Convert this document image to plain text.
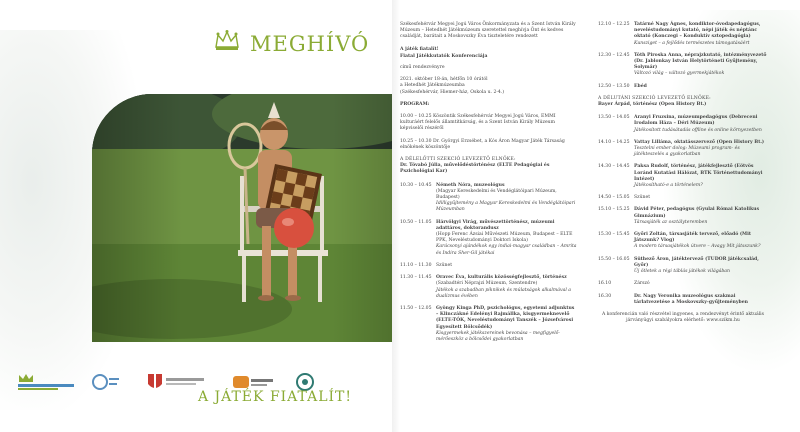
MEGHÍVÓ
A JÁTÉK FIATALÍT!

Székesfehérvár Megyei Jogú Város Önkormányzata és a Szent István Király Múzeum – Hetedhét Játékmúzeum szeretettel meghívja Önt és kedves családját, barátait a Moskovszky Éva tiszteletére rendezett

A játék fiatalít!

Fiatal Játékkutatók Konferenciája

című rendezvényre

2021. október 18-án, hétfőn 10 órától

a Hetedhét Játékmúzeumba

(Székesfehérvár, Hiemer-ház, Oskola u. 2-4.)

PROGRAM:

10.00 – 10.25 Köszöntik Székesfehérvár Megyei Jogú Város, EMMI kulturáért felelős államtitkárság, és a Szent István Király Múzeum képviselői részéről

10.25 – 10.30 Dr. Györgyi Erzsébet, a Kós Áron Magyar Játék Társaság elnökének köszöntője

A DÉLELŐTTI SZEKCIÓ LEVEZETŐ ELNÖKE:
Dr. Tóvabó Júlia, művelődéstörténész (ELTE Pedagógiai és Pszichológiai Kar)
10.30 – 10.45 Németh Nóra, muzeológus
(Magyar Kereskedelmi és Vendéglátóipari Múzeum, Budapest)
Idilligyűjtemény a Magyar Kereskedelmi és Vendéglátóipari Múzeumban
10.50 – 11.05 Hárvölgyi Virág, művészettörténész, múzeumi adattáros, doktorandusz
(Hopp Ferenc Ázsiai Művészeti Múzeum, Budapest – ELTE PPK, Neveléstudományi Doktori Iskola)
Karácsonyi ajándékok egy indiai-magyar családban – Amrita és Indira Sher-Gil játékai
11.10 – 11.30 Szünet
11.30 – 11.45 Oravec Éva, kulturális közösségfejlesztő, történész
(Szabadtéri Néprajzi Múzeum, Szentendre)
Játékok a szabadban piknikek és múlatságok alkalmával a dualizmus évében
11.50 – 12.05 Gyöngy Kinga PhD, pszichológus, egyetemi adjunktus – Klinczákné Edelényi Rajmállka, kisgyermeknevelő (ELTE-TÓK, Neveléstudományi Tanszék – Józsefvárosi Egyesített Bölcsődék)
Kisgyermekek játékszereinek bevonása – megfigyelő-mérőeszköz a bölcsődei gyakorlatban
12.10 – 12.25 Tatárné Nagy Ágnes, kondiktor-óvodapedagógus, neveléstudományi kutató, népi játék és néptánc oktató (Konczegi – Konduktív sztopedagógia)
Kunsziget – a fejlődés természetes támogatásáért
12.30 – 12.45 Tóth Piroska Anna, néprajzkutató, intézményvezető (Dr. Jablonkay István Helytörténeti Gyűjtemény, Solymár)
Változó világ – változó gyermekjátékok
12.50 – 13.50 Ebéd
A DÉLUTÁNI SZEKCIÓ LEVEZETŐ ELNÖKE:
Bayer Árpád, történész (Open History Bt.)
13.50 – 14.05 Aranyi Fruzsina, múzeumpedagógus (Debreceni Irodalom Háza – Déri Múzeum)
Játékosított tudásátadás offline és online környezetben
14.10 – 14.25 Vattay Lilláma, oktatásszervező (Open History Bt.)
Tesztelni ember dolog: Múzeumi program- és játékteszelés a gyakorlatban
14.30 – 14.45 Paksa Rudolf, történész, játékfejlesztő (Eötvös Loránd Kutatási Hálózat, BTK Történettudományi Intézet)
Játékosítható-e a történelem?
14.50 – 15.05 Szünet
15.10 – 15.25 Dávid Péter, pedagógus (Gyulai Római Katolikus Gimnázium)
Társasjáték az osztályteremben
15.30 – 15.45 Győri Zoltán, társasjáték tervező, előadó (Mit Játszunk? Vlog)
A modern társasjátékok útvere – Avagy Mit játsszunk?
15.50 – 16.05 Süthező Áron, játéktervező (TUDOR játékcsalád, Győr)
Új ötletek a régi táblás játékok világában
16.10	Zárszó
16.30	Dr. Nagy Veronika muzeológus szakmai tárlatvezetése a Moskovszky-gyűjteményben

A konferencián való részvétel ingyenes, a rendezvényt érintő aktuális járványügyi szabályokra elérhető: www.szikm.hu
